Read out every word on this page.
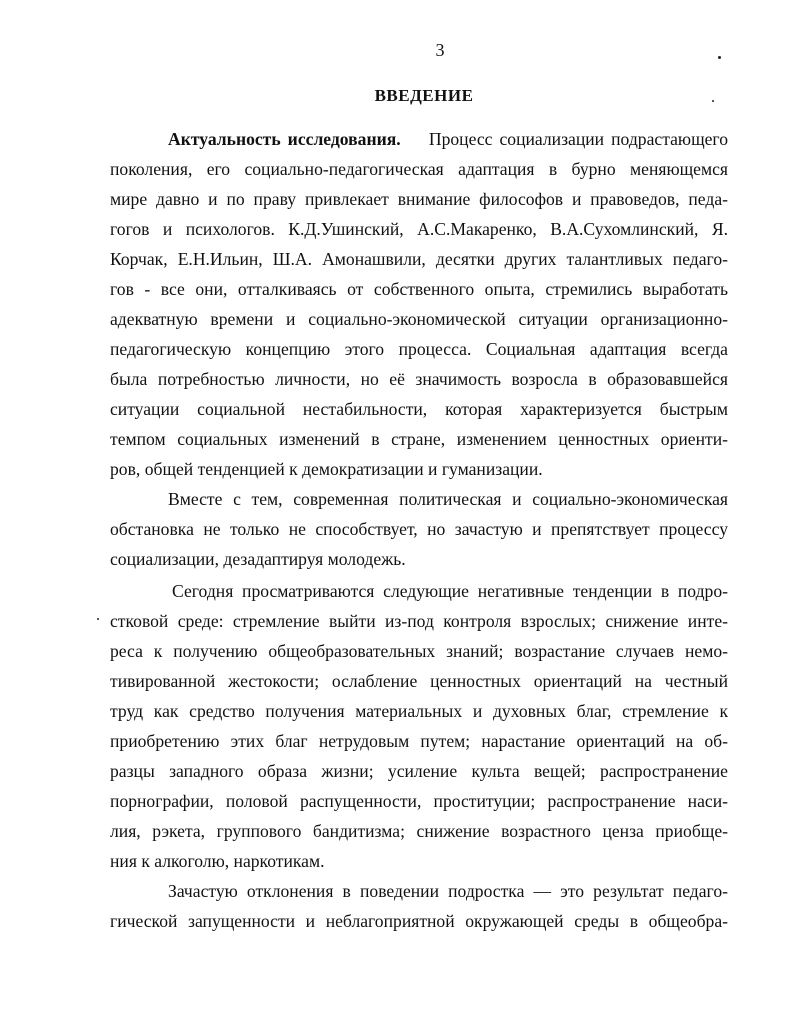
3
ВВЕДЕНИЕ
Актуальность исследования. Процесс социализации подрастающего
поколения, его социально-педагогическая адаптация в бурно меняющемся
мире давно и по праву привлекает внимание философов и правоведов, педа-
гогов и психологов. К.Д.Ушинский, А.С.Макаренко, В.А.Сухомлинский, Я.
Корчак, Е.Н.Ильин, Ш.А. Амонашвили, десятки других талантливых педаго-
гов - все они, отталкиваясь от собственного опыта, стремились выработать
адекватную времени и социально-экономической ситуации организационно-
педагогическую концепцию этого процесса. Социальная адаптация всегда
была потребностью личности, но её значимость возросла в образовавшейся
ситуации социальной нестабильности, которая характеризуется быстрым
темпом социальных изменений в стране, изменением ценностных ориенти-
ров, общей тенденцией к демократизации и гуманизации.
Вместе с тем, современная политическая и социально-экономическая
обстановка не только не способствует, но зачастую и препятствует процессу
социализации, дезадаптируя молодежь.
Сегодня просматриваются следующие негативные тенденции в подро-
стковой среде: стремление выйти из-под контроля взрослых; снижение инте-
реса к получению общеобразовательных знаний; возрастание случаев немо-
тивированной жестокости; ослабление ценностных ориентаций на честный
труд как средство получения материальных и духовных благ, стремление к
приобретению этих благ нетрудовым путем; нарастание ориентаций на об-
разцы западного образа жизни; усиление культа вещей; распространение
порнографии, половой распущенности, проституции; распространение наси-
лия, рэкета, группового бандитизма; снижение возрастного ценза приобще-
ния к алкоголю, наркотикам.
Зачастую отклонения в поведении подростка — это результат педаго-
гической запущенности и неблагоприятной окружающей среды в общеобра-
